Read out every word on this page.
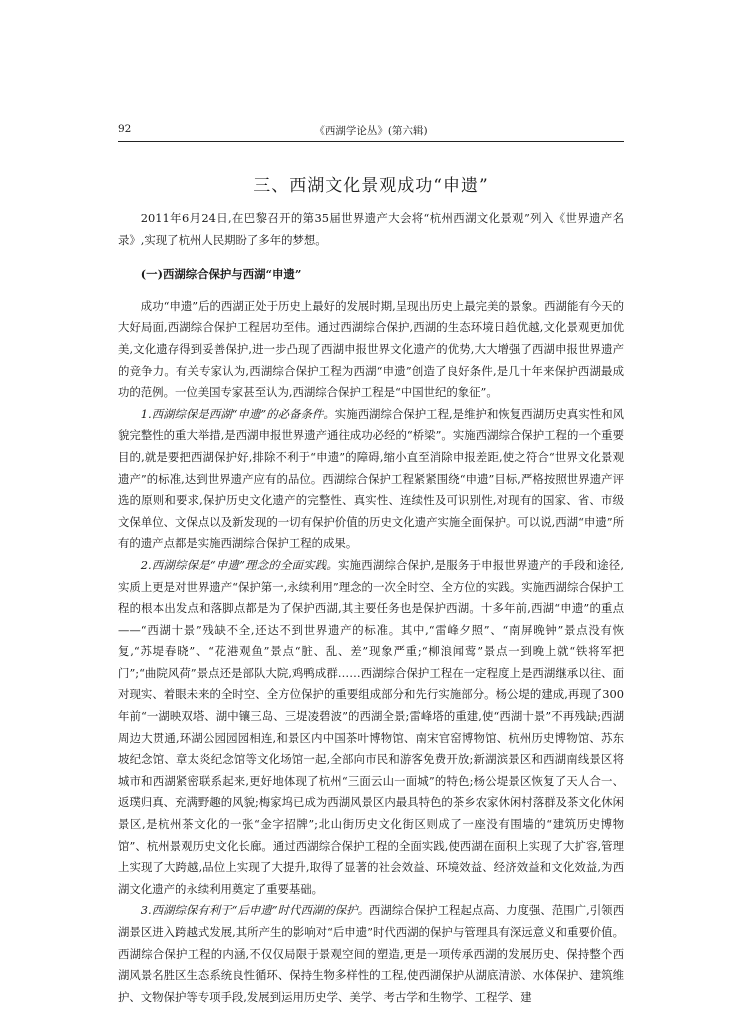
92	《西湖学论丛》(第六辑)
三、西湖文化景观成功“申遗”

2011年6月24日,在巴黎召开的第35届世界遗产大会将“杭州西湖文化景观”列入《世界遗产名录》,实现了杭州人民期盼了多年的梦想。

(一)西湖综合保护与西湖“申遗”

成功“申遗”后的西湖正处于历史上最好的发展时期,呈现出历史上最完美的景象。西湖能有今天的大好局面,西湖综合保护工程居功至伟。通过西湖综合保护,西湖的生态环境日趋优越,文化景观更加优美,文化遗存得到妥善保护,进一步凸现了西湖申报世界文化遗产的优势,大大增强了西湖申报世界遗产的竞争力。有关专家认为,西湖综合保护工程为西湖“申遗”创造了良好条件,是几十年来保护西湖最成功的范例。一位美国专家甚至认为,西湖综合保护工程是“中国世纪的象征”。

1.西湖综保是西湖“申遗”的必备条件。实施西湖综合保护工程,是维护和恢复西湖历史真实性和风貌完整性的重大举措,是西湖申报世界遗产通往成功必经的“桥梁”。实施西湖综合保护工程的一个重要目的,就是要把西湖保护好,排除不利于“申遗”的障碍,缩小直至消除申报差距,使之符合“世界文化景观遗产”的标准,达到世界遗产应有的品位。西湖综合保护工程紧紧围绕“申遗”目标,严格按照世界遗产评选的原则和要求,保护历史文化遗产的完整性、真实性、连续性及可识别性,对现有的国家、省、市级文保单位、文保点以及新发现的一切有保护价值的历史文化遗产实施全面保护。可以说,西湖“申遗”所有的遗产点都是实施西湖综合保护工程的成果。

2.西湖综保是“申遗”理念的全面实践。实施西湖综合保护,是服务于申报世界遗产的手段和途径,实质上更是对世界遗产“保护第一,永续利用”理念的一次全时空、全方位的实践。实施西湖综合保护工程的根本出发点和落脚点都是为了保护西湖,其主要任务也是保护西湖。十多年前,西湖“申遗”的重点——“西湖十景”残缺不全,还达不到世界遗产的标准。其中,“雷峰夕照”、“南屏晚钟”景点没有恢复,“苏堤春晓”、“花港观鱼”景点“脏、乱、差”现象严重;“柳浪闻莺”景点一到晚上就“铁将军把门”;“曲院风荷”景点还是部队大院,鸡鸭成群……西湖综合保护工程在一定程度上是西湖继承以往、面对现实、着眼未来的全时空、全方位保护的重要组成部分和先行实施部分。杨公堤的建成,再现了300年前“一湖映双塔、湖中镶三岛、三堤凌碧波”的西湖全景;雷峰塔的重建,使“西湖十景”不再残缺;西湖周边大贯通,环湖公园园园相连,和景区内中国茶叶博物馆、南宋官窑博物馆、杭州历史博物馆、苏东坡纪念馆、章太炎纪念馆等文化场馆一起,全部向市民和游客免费开放;新湖滨景区和西湖南线景区将城市和西湖紧密联系起来,更好地体现了杭州“三面云山一面城”的特色;杨公堤景区恢复了天人合一、返璞归真、充满野趣的风貌;梅家坞已成为西湖风景区内最具特色的茶乡农家休闲村落群及茶文化休闲景区,是杭州茶文化的一张“金字招牌”;北山街历史文化街区则成了一座没有围墙的“建筑历史博物馆”、杭州景观历史文化长廊。通过西湖综合保护工程的全面实践,使西湖在面积上实现了大扩容,管理上实现了大跨越,品位上实现了大提升,取得了显著的社会效益、环境效益、经济效益和文化效益,为西湖文化遗产的永续利用奠定了重要基础。

3.西湖综保有利于“后申遗”时代西湖的保护。西湖综合保护工程起点高、力度强、范围广,引领西湖景区进入跨越式发展,其所产生的影响对“后申遗”时代西湖的保护与管理具有深远意义和重要价值。西湖综合保护工程的内涵,不仅仅局限于景观空间的塑造,更是一项传承西湖的发展历史、保持整个西湖风景名胜区生态系统良性循环、保持生物多样性的工程,使西湖保护从湖底清淤、水体保护、建筑维护、文物保护等专项手段,发展到运用历史学、美学、考古学和生物学、工程学、建
